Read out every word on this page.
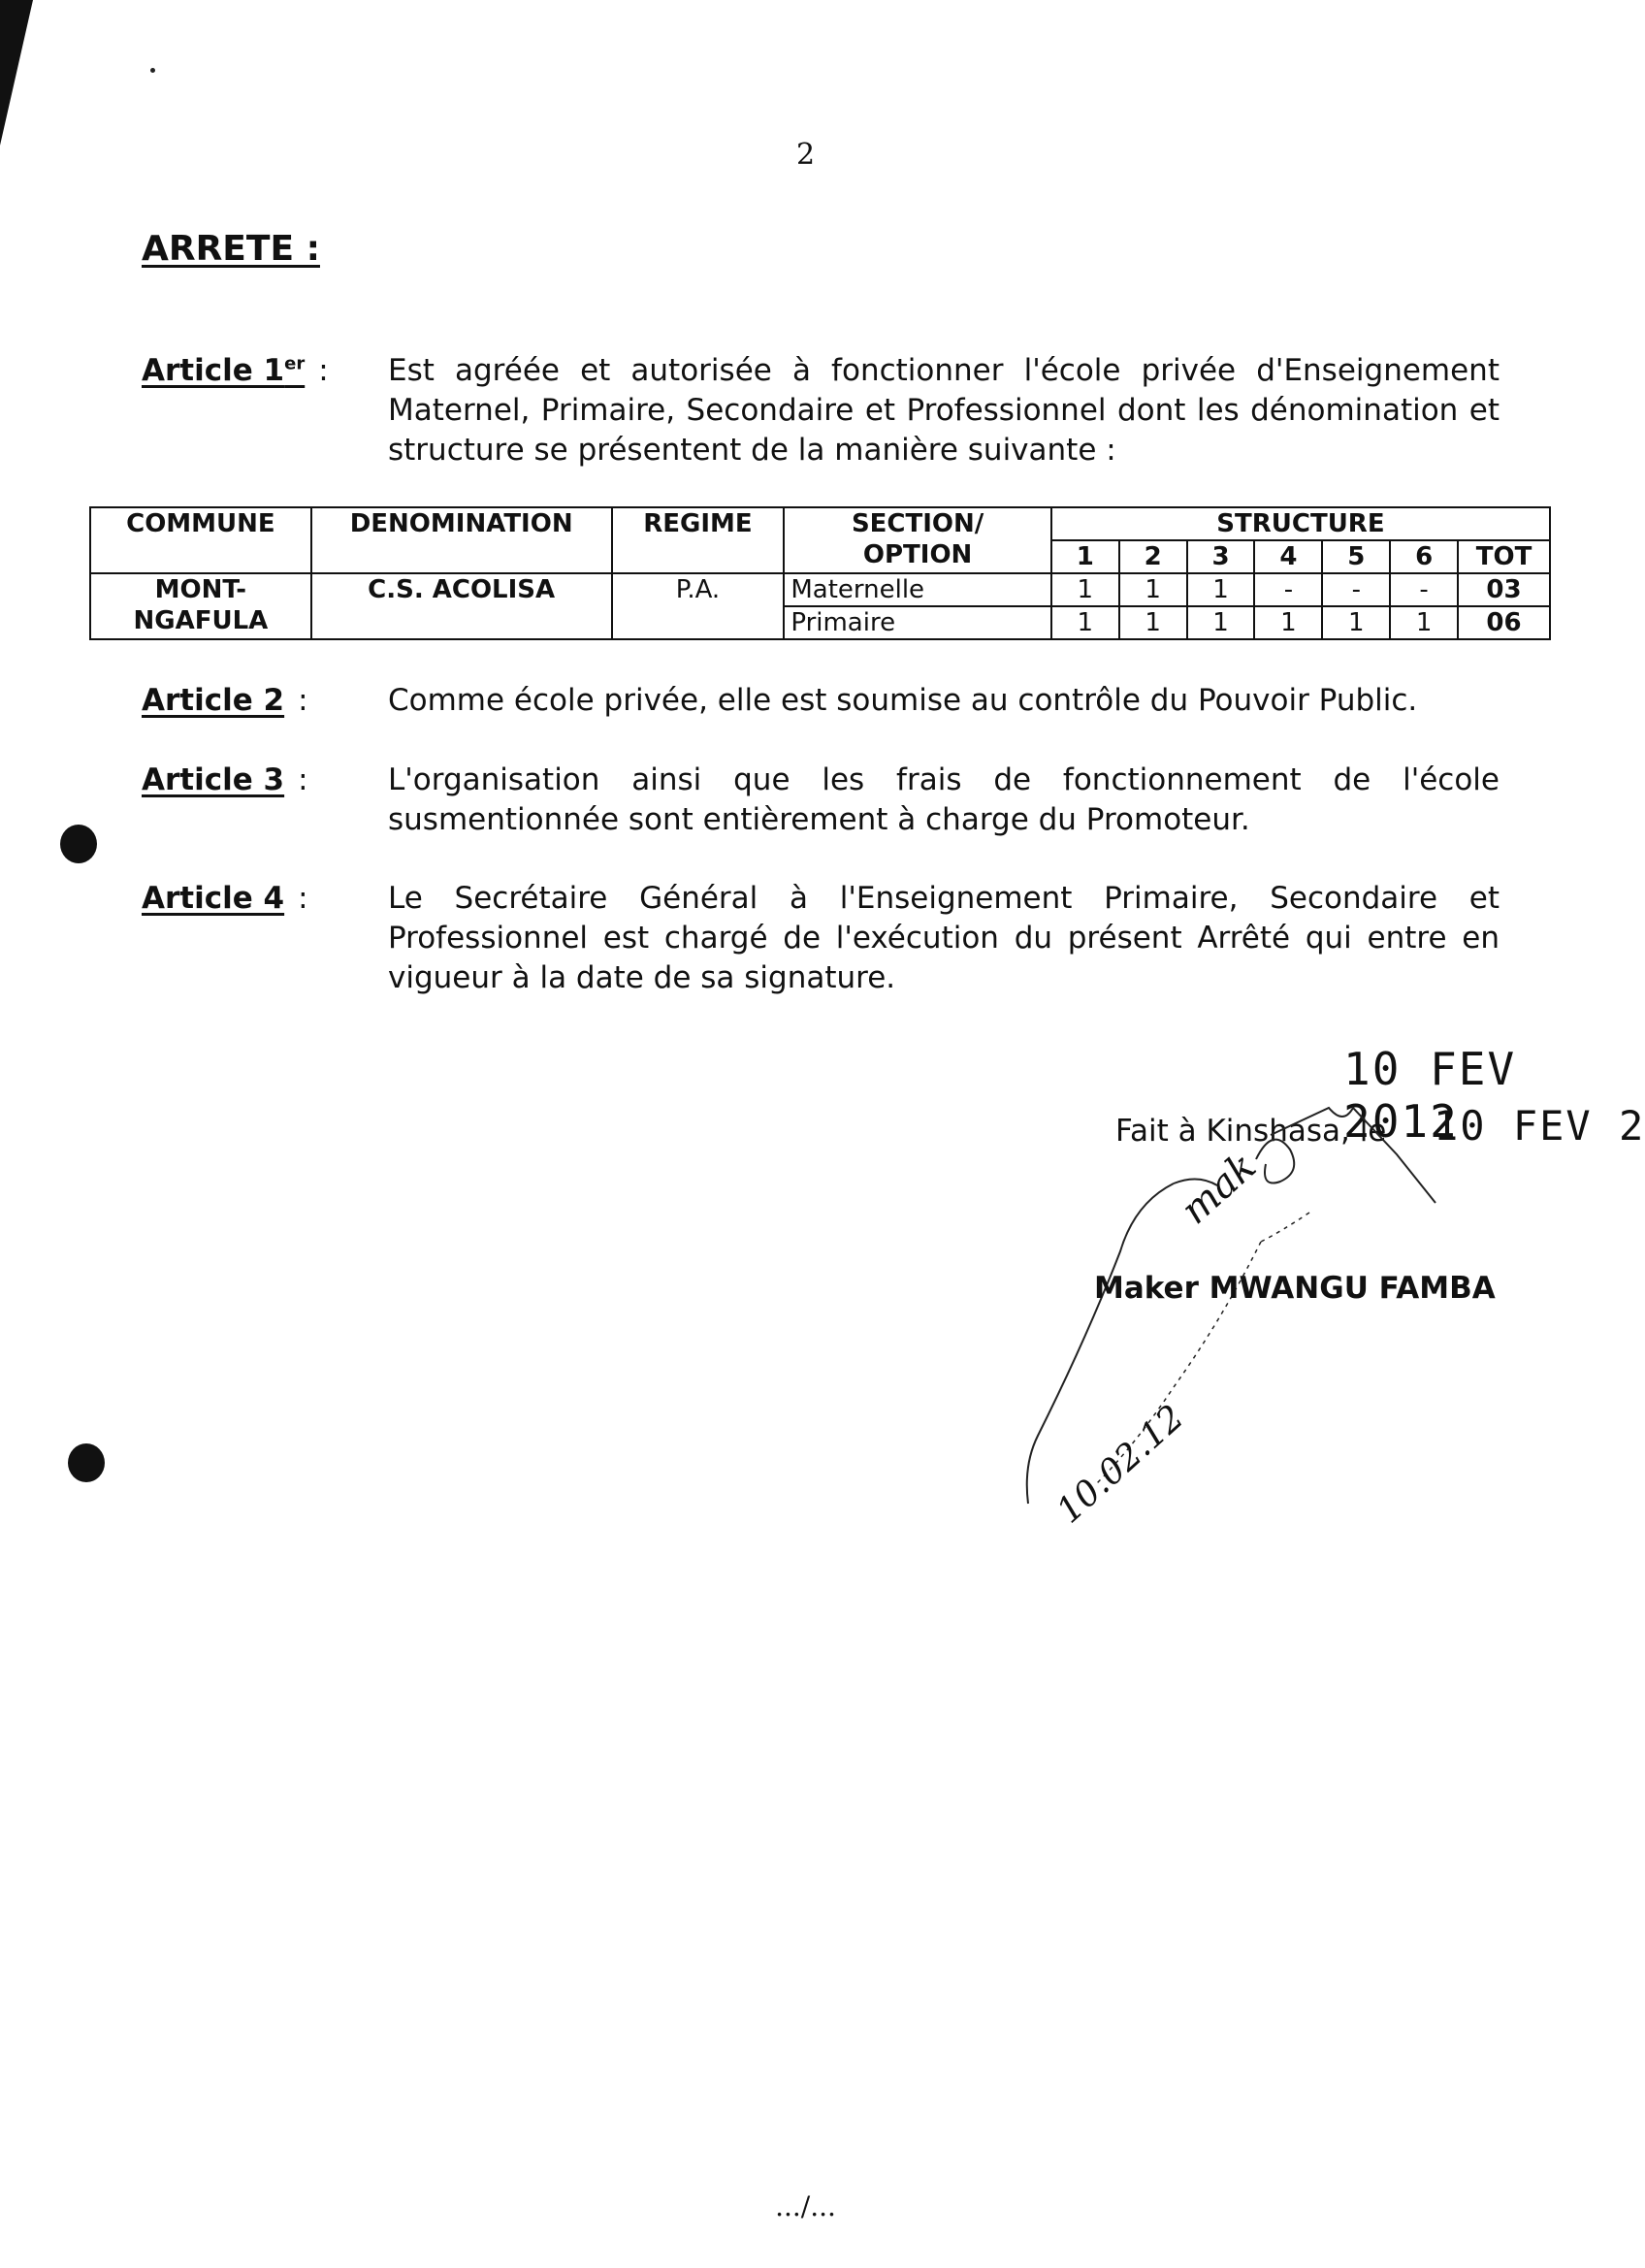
2
ARRETE :
Article 1er : Est agréée et autorisée à fonctionner l'école privée d'Enseignement Maternel, Primaire, Secondaire et Professionnel dont les dénomination et structure se présentent de la manière suivante :
COMMUNE	DENOMINATION	REGIME	SECTION/
OPTION	STRUCTURE						
				1	2	3	4	5	6	TOT

MONT-
NGAFULA	C.S. ACOLISA	P.A.	Maternelle	1	1	1	-	-	-	03
			Primaire	1	1	1	1	1	1	06
Article 2 :	Comme école privée, elle est soumise au contrôle du Pouvoir Public.
Article 3 :	L'organisation ainsi que les frais de fonctionnement de l'école susmentionnée sont entièrement à charge du Promoteur.
Article 4 :	Le Secrétaire Général à l'Enseignement Primaire, Secondaire et Professionnel est chargé de l'exécution du présent Arrêté qui entre en vigueur à la date de sa signature.
10 FEV 2012
10 FEV 2
Fait à Kinshasa, le
mak
Maker MWANGU FAMBA
10.02.12
.../...
